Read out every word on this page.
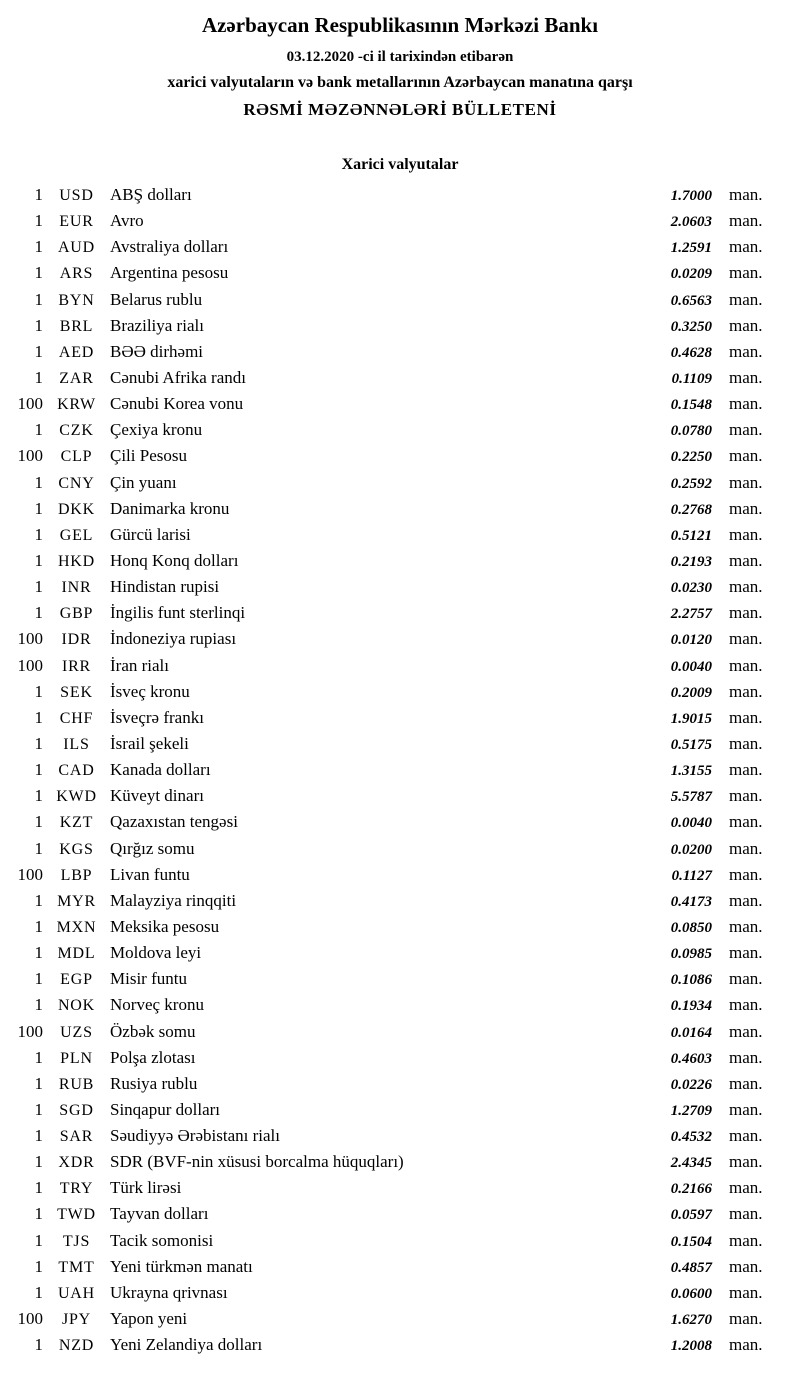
Azərbaycan Respublikasının Mərkəzi Bankı
03.12.2020 -ci il tarixindən etibarən
xarici valyutaların və bank metallarının Azərbaycan manatına qarşı
RƏSMİ MƏZƏNNƏLƏRİ BÜLLETENİ
Xarici valyutalar
1	USD ABŞ dolları	1.7000	man.
1	EUR Avro	2.0603	man.
1 AUD Avstraliya dolları	1.2591	man.
1	ARS Argentina pesosu	0.0209	man.
1 BYN Belarus rublu	0.6563	man.
1	BRL Braziliya rialı	0.3250	man.
1 AED BƏƏ dirhəmi	0.4628	man.
1	ZAR Cənubi Afrika randı	0.1109	man.
100 KRW Cənubi Korea vonu	0.1548	man.
1	CZK Çexiya kronu	0.0780	man.
100	CLP	Çili Pesosu	0.2250	man.
1 CNY Çin yuanı	0.2592	man.
1 DKK Danimarka kronu	0.2768	man.
1	GEL Gürcü larisi	0.5121	man.
1 HKD Honq Konq dolları	0.2193	man.
1	INR	Hindistan rupisi	0.0230	man.
1	GBP İngilis funt sterlinqi	2.2757	man.
100	IDR	İndoneziya rupiası	0.0120	man.
100	IRR	İran rialı	0.0040	man.
1	SEK	İsveç kronu	0.2009	man.
1	CHF İsveçrə frankı	1.9015	man.
1	ILS	İsrail şekeli	0.5175	man.
1 CAD Kanada dolları	1.3155	man.
1 KWD Küveyt dinarı	5.5787	man.
1	KZT Qazaxıstan tengəsi	0.0040	man.
1	KGS Qırğız somu	0.0200	man.
100	LBP	Livan funtu	0.1127	man.
1 MYR Malayziya rinqqiti	0.4173	man.
1 MXN Meksika pesosu	0.0850	man.
1 MDL Moldova leyi	0.0985	man.
1	EGP	Misir funtu	0.1086	man.
1 NOK Norveç kronu	0.1934	man.
100	UZS	Özbək somu	0.0164	man.
1	PLN	Polşa zlotası	0.4603	man.
1 RUB Rusiya rublu	0.0226	man.
1	SGD Sinqapur dolları	1.2709	man.
1	SAR Səudiyyə Ərəbistanı rialı	0.4532	man.
1 XDR SDR (BVF-nin xüsusi borcalma hüquqları)	2.4345	man.
1	TRY Türk lirəsi	0.2166	man.
1 TWD Tayvan dolları	0.0597	man.
1	TJS	Tacik somonisi	0.1504	man.
1 TMT Yeni türkmən manatı	0.4857	man.
1 UAH Ukrayna qrivnası	0.0600	man.
100	JPY	Yapon yeni	1.6270	man.
1 NZD Yeni Zelandiya dolları	1.2008	man.
